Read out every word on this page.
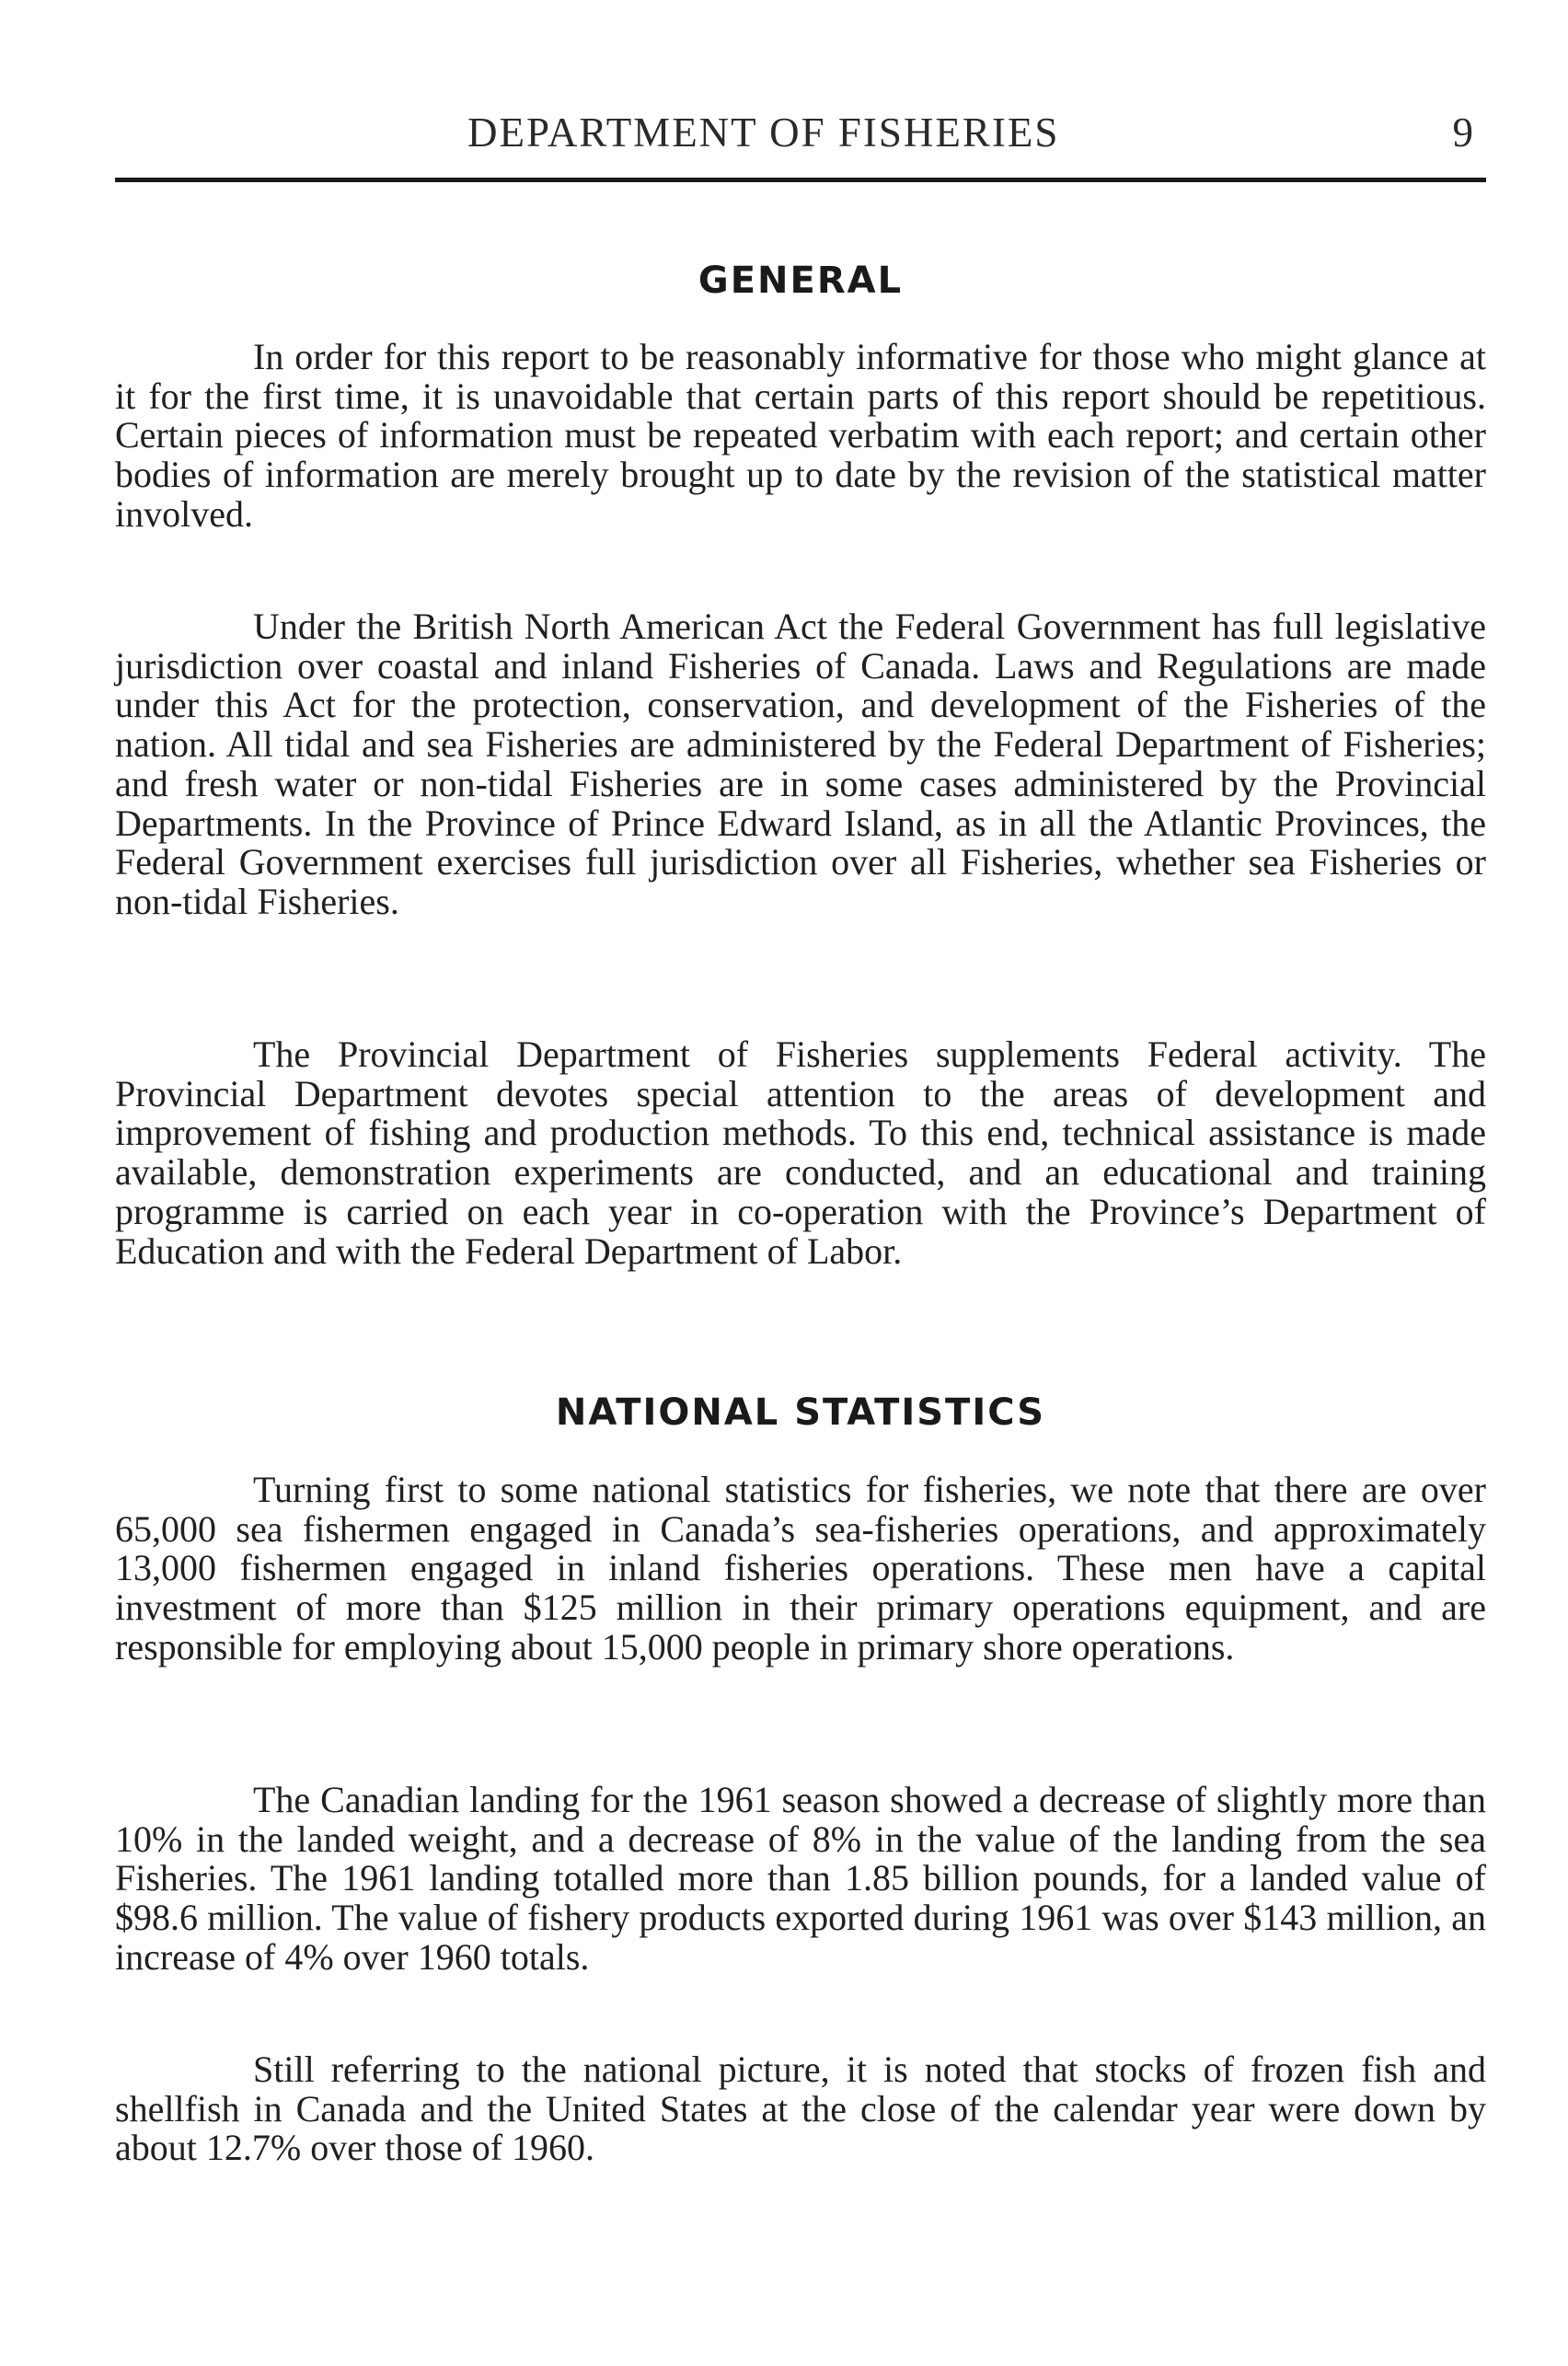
DEPARTMENT OF FISHERIES	9
GENERAL

In order for this report to be reasonably informative for those who might glance at it for the first time, it is unavoidable that certain parts of this report should be repetitious. Certain pieces of information must be repeated verbatim with each report; and certain other bodies of information are merely brought up to date by the revision of the statistical matter involved.

Under the British North American Act the Federal Government has full legislative jurisdiction over coastal and inland Fisheries of Canada. Laws and Regulations are made under this Act for the protection, conservation, and development of the Fisheries of the nation. All tidal and sea Fisheries are administered by the Federal Department of Fisheries; and fresh water or non-tidal Fisheries are in some cases administered by the Provincial Departments. In the Province of Prince Edward Island, as in all the Atlantic Provinces, the Federal Government exercises full jurisdiction over all Fisheries, whether sea Fisheries or non-tidal Fisheries.

The Provincial Department of Fisheries supplements Federal activity. The Provincial Department devotes special attention to the areas of development and improvement of fishing and production methods. To this end, technical assistance is made available, demonstration experiments are conducted, and an educational and training programme is carried on each year in co-operation with the Province’s Department of Education and with the Federal Department of Labor.

NATIONAL STATISTICS

Turning first to some national statistics for fisheries, we note that there are over 65,000 sea fishermen engaged in Canada’s sea-fisheries operations, and approximately 13,000 fishermen engaged in inland fisheries operations. These men have a capital investment of more than $125 million in their primary operations equipment, and are responsible for employing about 15,000 people in primary shore operations.

The Canadian landing for the 1961 season showed a decrease of slightly more than 10% in the landed weight, and a decrease of 8% in the value of the landing from the sea Fisheries. The 1961 landing totalled more than 1.85 billion pounds, for a landed value of $98.6 million. The value of fishery products exported during 1961 was over $143 million, an increase of 4% over 1960 totals.

Still referring to the national picture, it is noted that stocks of frozen fish and shellfish in Canada and the United States at the close of the calendar year were down by about 12.7% over those of 1960.
